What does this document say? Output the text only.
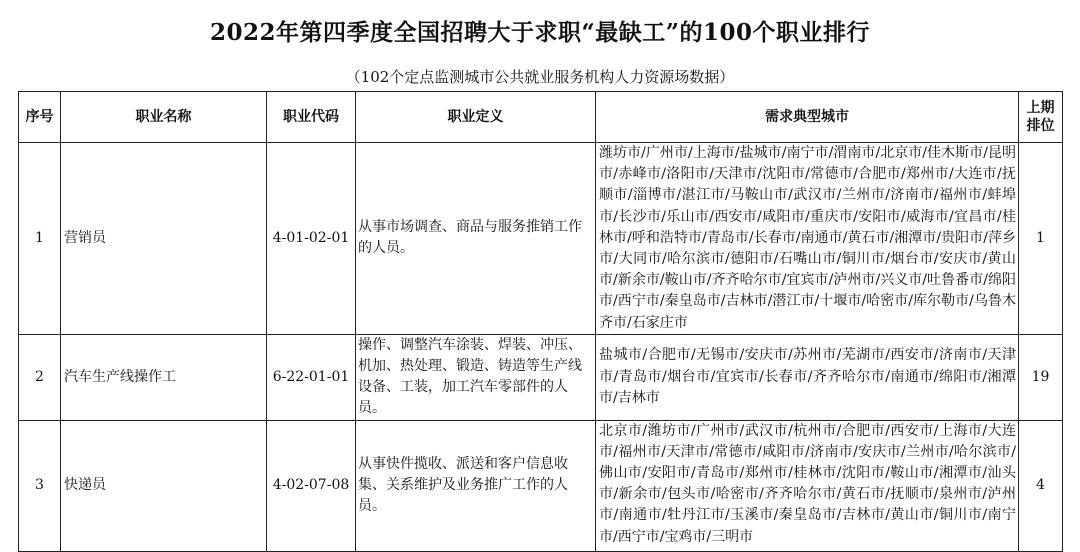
2022年第四季度全国招聘大于求职“最缺工”的100个职业排行
（102个定点监测城市公共就业服务机构人力资源场数据）
序号	职业名称	职业代码	职业定义	需求典型城市	上期排位
1	营销员	4-01-02-01	从事市场调查、商品与服务推销工作的人员。	潍坊市/广州市/上海市/盐城市/南宁市/渭南市/北京市/佳木斯市/昆明市/赤峰市/洛阳市/天津市/沈阳市/常德市/合肥市/郑州市/大连市/抚顺市/淄博市/湛江市/马鞍山市/武汉市/兰州市/济南市/福州市/蚌埠市/长沙市/乐山市/西安市/咸阳市/重庆市/安阳市/威海市/宜昌市/桂林市/呼和浩特市/青岛市/长春市/南通市/黄石市/湘潭市/贵阳市/萍乡市/大同市/哈尔滨市/德阳市/石嘴山市/铜川市/烟台市/安庆市/黄山市/新余市/鞍山市/齐齐哈尔市/宜宾市/泸州市/兴义市/吐鲁番市/绵阳市/西宁市/秦皇岛市/吉林市/潜江市/十堰市/哈密市/库尔勒市/乌鲁木齐市/石家庄市	1
2	汽车生产线操作工	6-22-01-01	操作、调整汽车涂装、焊装、冲压、机加、热处理、锻造、铸造等生产线设备、工装，加工汽车零部件的人员。	盐城市/合肥市/无锡市/安庆市/苏州市/芜湖市/西安市/济南市/天津市/青岛市/烟台市/宜宾市/长春市/齐齐哈尔市/南通市/绵阳市/湘潭市/吉林市	19
3	快递员	4-02-07-08	从事快件揽收、派送和客户信息收集、关系维护及业务推广工作的人员。	北京市/潍坊市/广州市/武汉市/杭州市/合肥市/西安市/上海市/大连市/福州市/天津市/常德市/咸阳市/济南市/安庆市/兰州市/哈尔滨市/佛山市/安阳市/青岛市/郑州市/桂林市/沈阳市/鞍山市/湘潭市/汕头市/新余市/包头市/哈密市/齐齐哈尔市/黄石市/抚顺市/泉州市/泸州市/南通市/牡丹江市/玉溪市/秦皇岛市/吉林市/黄山市/铜川市/南宁市/西宁市/宝鸡市/三明市	4
